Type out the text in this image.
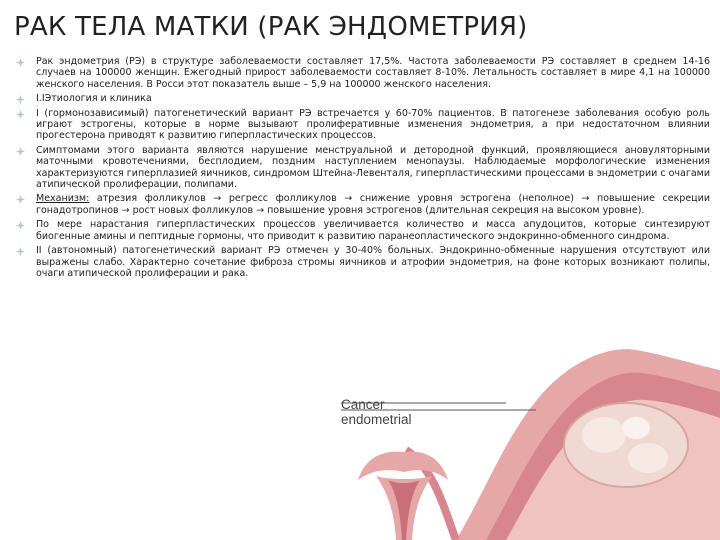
РАК ТЕЛА МАТКИ (РАК ЭНДОМЕТРИЯ)
Рак эндометрия (РЭ) в структуре заболеваемости составляет 17,5%. Частота заболеваемости РЭ составляет в среднем 14-16 случаев на 100000 женщин. Ежегодный прирост заболеваемости составляет 8-10%. Летальность составляет в мире 4,1 на 100000 женского населения. В Росси этот показатель выше – 5,9 на 100000 женского населения.
I.IЭтиология и клиника
I (гормонозависимый) патогенетический вариант РЭ встречается у 60-70% пациентов. В патогенезе заболевания особую роль играют эстрогены, которые в норме вызывают пролиферативные изменения эндометрия, а при недостаточном влиянии прогестерона приводят к развитию гиперпластических процессов.
Симптомами этого варианта являются нарушение менструальной и детородной функций, проявляющиеся ановуляторными маточными кровотечениями, бесплодием, поздним наступлением менопаузы. Наблюдаемые морфологические изменения характеризуются гиперплазией яичников, синдромом Штейна-Левенталя, гиперпластическими процессами в эндометрии с очагами атипической пролиферации, полипами.
Механизм: атрезия фолликулов → регресс фолликулов → снижение уровня эстрогена (неполное) → повышение секреции гонадотропинов → рост новых фолликулов → повышение уровня эстрогенов (длительная секреция на высоком уровне).
По мере нарастания гиперпластических процессов увеличивается количество и масса апудоцитов, которые синтезируют биогенные амины и пептидные гормоны, что приводит к развитию паранеопластического эндокринно-обменного синдрома.
II (автономный) патогенетический вариант РЭ отмечен у 30-40% больных. Эндокринно-обменные нарушения отсутствуют или выражены слабо. Характерно сочетание фиброза стромы яичников и атрофии эндометрия, на фоне которых возникают полипы, очаги атипической пролиферации и рака.
Cancer
endometrial
